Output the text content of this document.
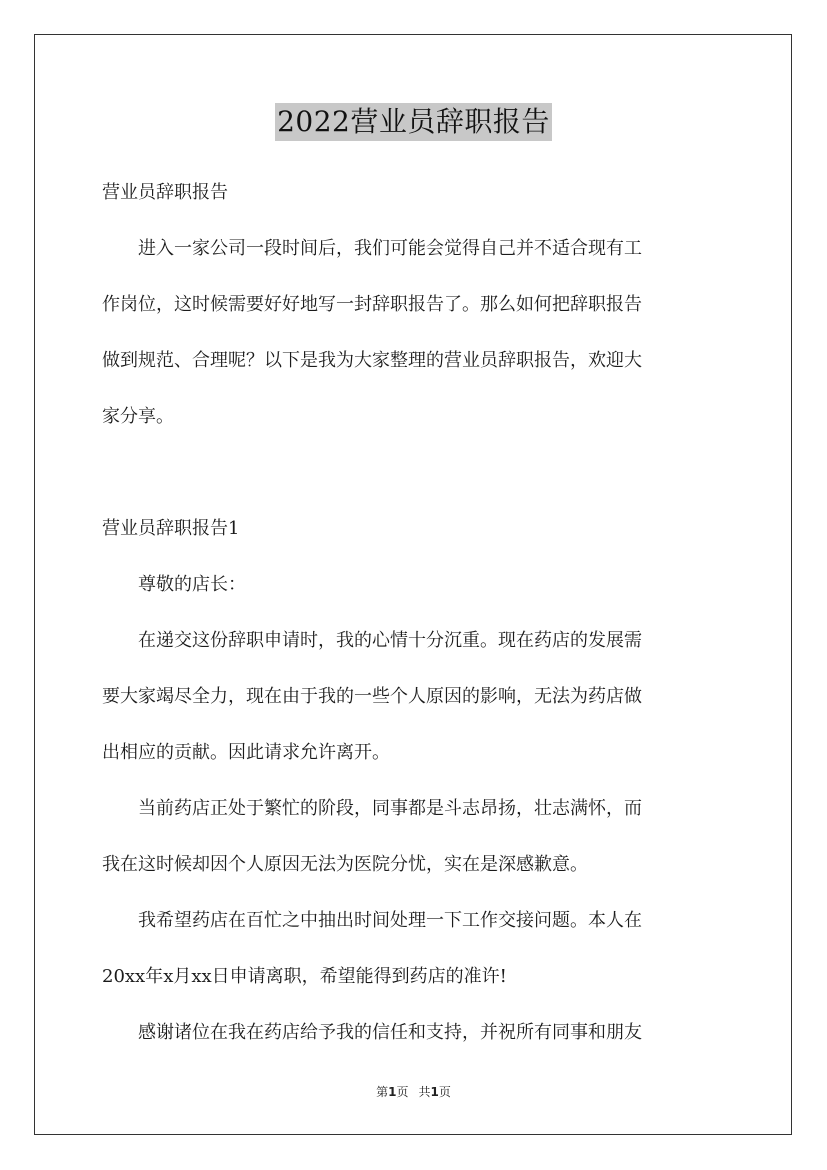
2022营业员辞职报告
营业员辞职报告
进入一家公司一段时间后，我们可能会觉得自己并不适合现有工
作岗位，这时候需要好好地写一封辞职报告了。那么如何把辞职报告
做到规范、合理呢？以下是我为大家整理的营业员辞职报告，欢迎大
家分享。
营业员辞职报告1
尊敬的店长：
在递交这份辞职申请时，我的心情十分沉重。现在药店的发展需
要大家竭尽全力，现在由于我的一些个人原因的影响，无法为药店做
出相应的贡献。因此请求允许离开。
当前药店正处于繁忙的阶段，同事都是斗志昂扬，壮志满怀，而
我在这时候却因个人原因无法为医院分忧，实在是深感歉意。
我希望药店在百忙之中抽出时间处理一下工作交接问题。本人在
20xx年x月xx日申请离职，希望能得到药店的准许!
感谢诸位在我在药店给予我的信任和支持，并祝所有同事和朋友
第1页 共1页
